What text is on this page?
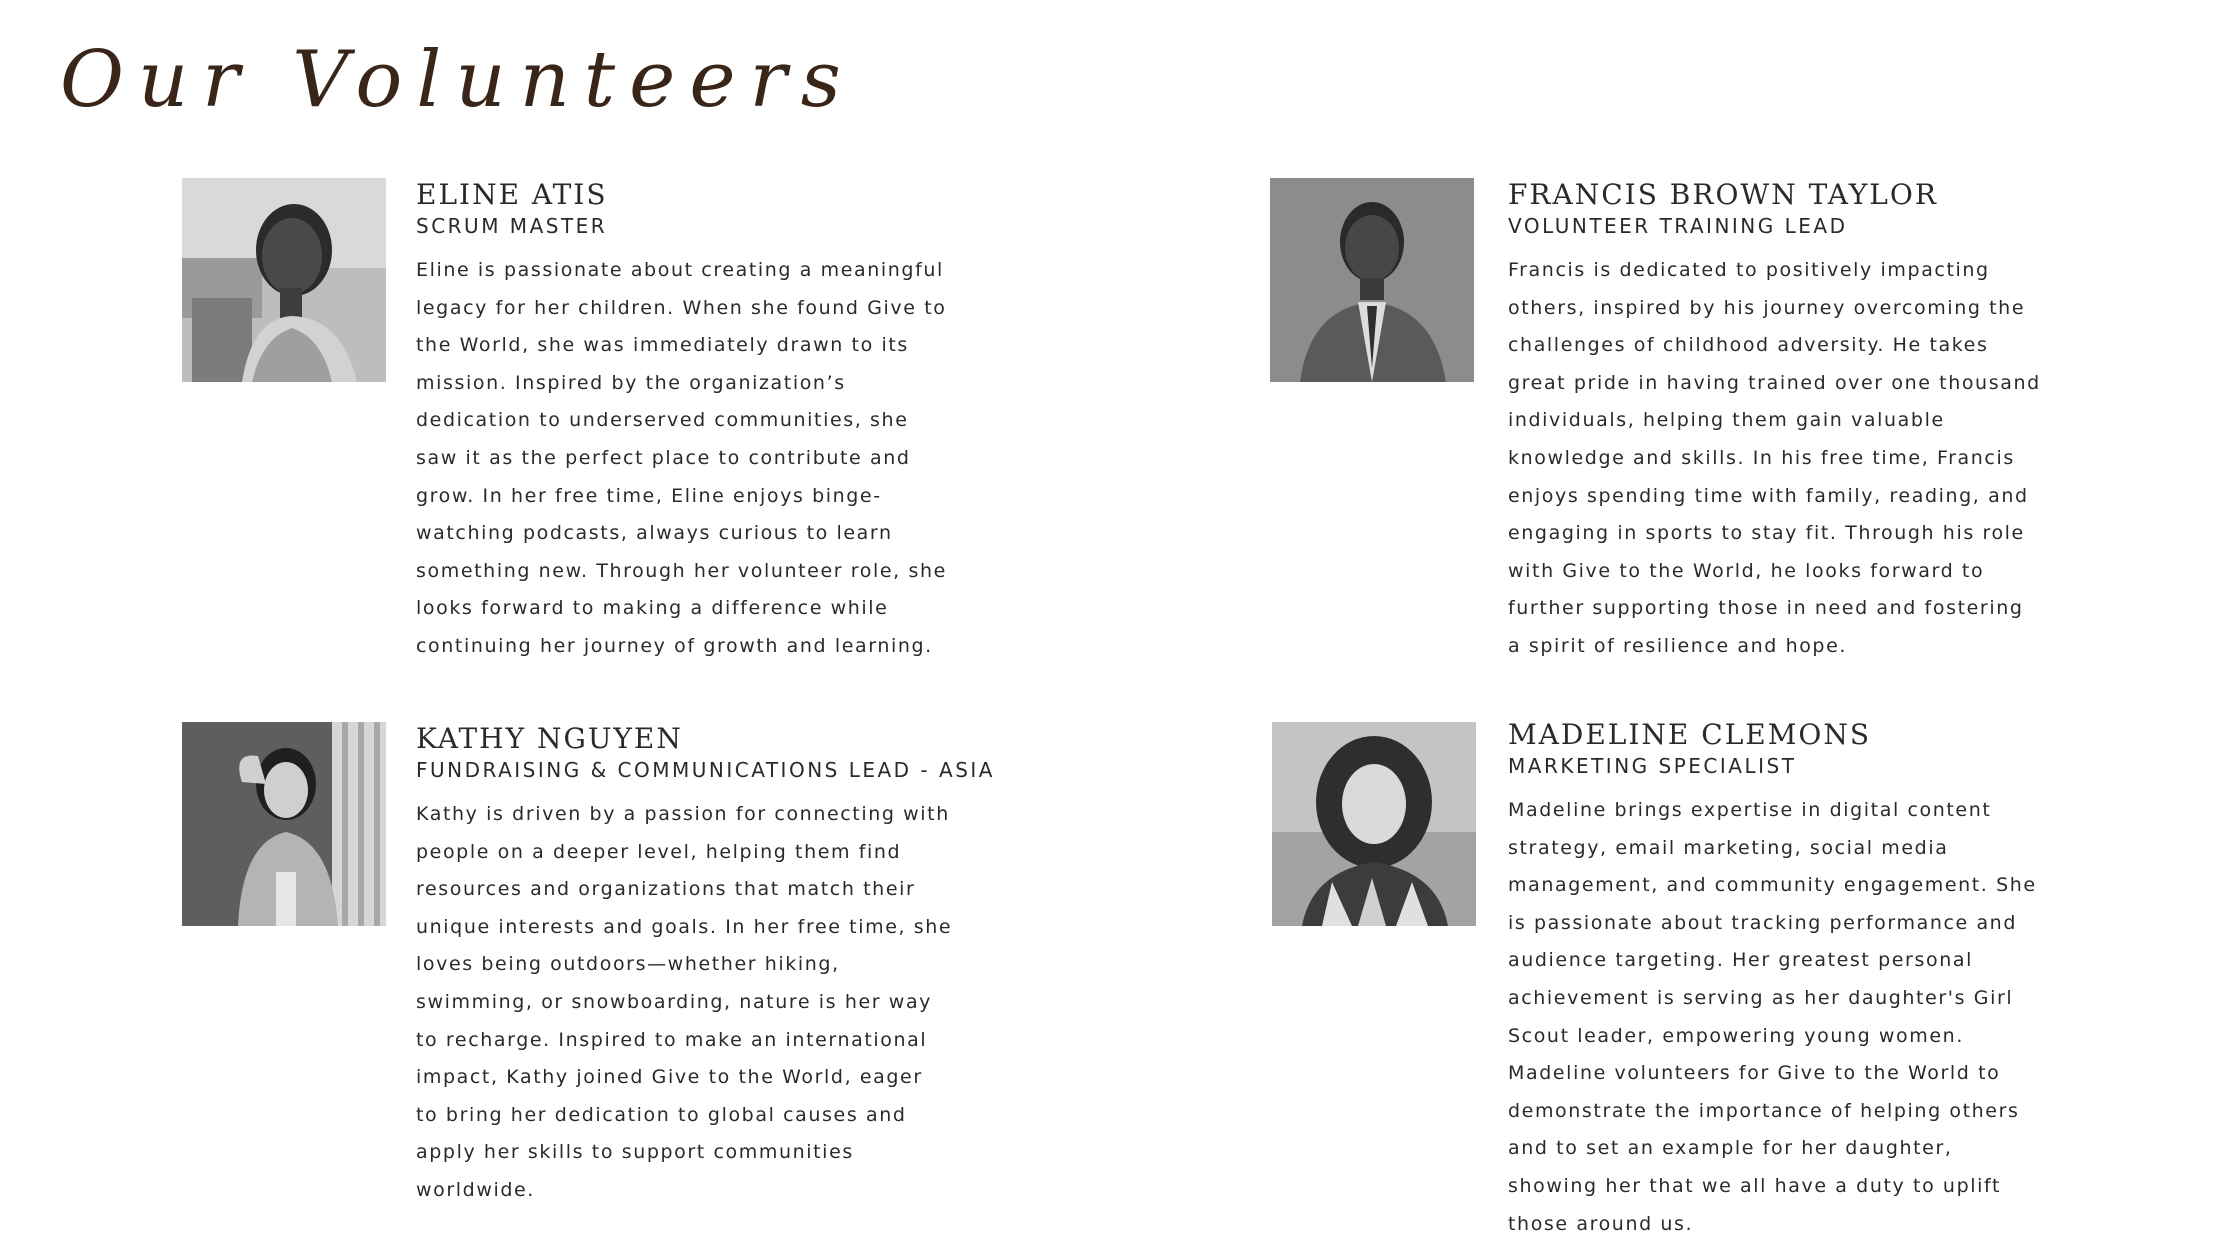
Our Volunteers
ELINE ATIS
SCRUM MASTER
Eline is passionate about creating a meaningful
legacy for her children. When she found Give to
the World, she was immediately drawn to its
mission. Inspired by the organization’s
dedication to underserved communities, she
saw it as the perfect place to contribute and
grow. In her free time, Eline enjoys binge-
watching podcasts, always curious to learn
something new. Through her volunteer role, she
looks forward to making a difference while
continuing her journey of growth and learning.
FRANCIS BROWN TAYLOR
VOLUNTEER TRAINING LEAD
Francis is dedicated to positively impacting
others, inspired by his journey overcoming the
challenges of childhood adversity. He takes
great pride in having trained over one thousand
individuals, helping them gain valuable
knowledge and skills. In his free time, Francis
enjoys spending time with family, reading, and
engaging in sports to stay fit. Through his role
with Give to the World, he looks forward to
further supporting those in need and fostering
a spirit of resilience and hope.
KATHY NGUYEN
FUNDRAISING & COMMUNICATIONS LEAD - ASIA
Kathy is driven by a passion for connecting with
people on a deeper level, helping them find
resources and organizations that match their
unique interests and goals. In her free time, she
loves being outdoors—whether hiking,
swimming, or snowboarding, nature is her way
to recharge. Inspired to make an international
impact, Kathy joined Give to the World, eager
to bring her dedication to global causes and
apply her skills to support communities
worldwide.
MADELINE CLEMONS
MARKETING SPECIALIST
Madeline brings expertise in digital content
strategy, email marketing, social media
management, and community engagement. She
is passionate about tracking performance and
audience targeting. Her greatest personal
achievement is serving as her daughter's Girl
Scout leader, empowering young women.
Madeline volunteers for Give to the World to
demonstrate the importance of helping others
and to set an example for her daughter,
showing her that we all have a duty to uplift
those around us.
